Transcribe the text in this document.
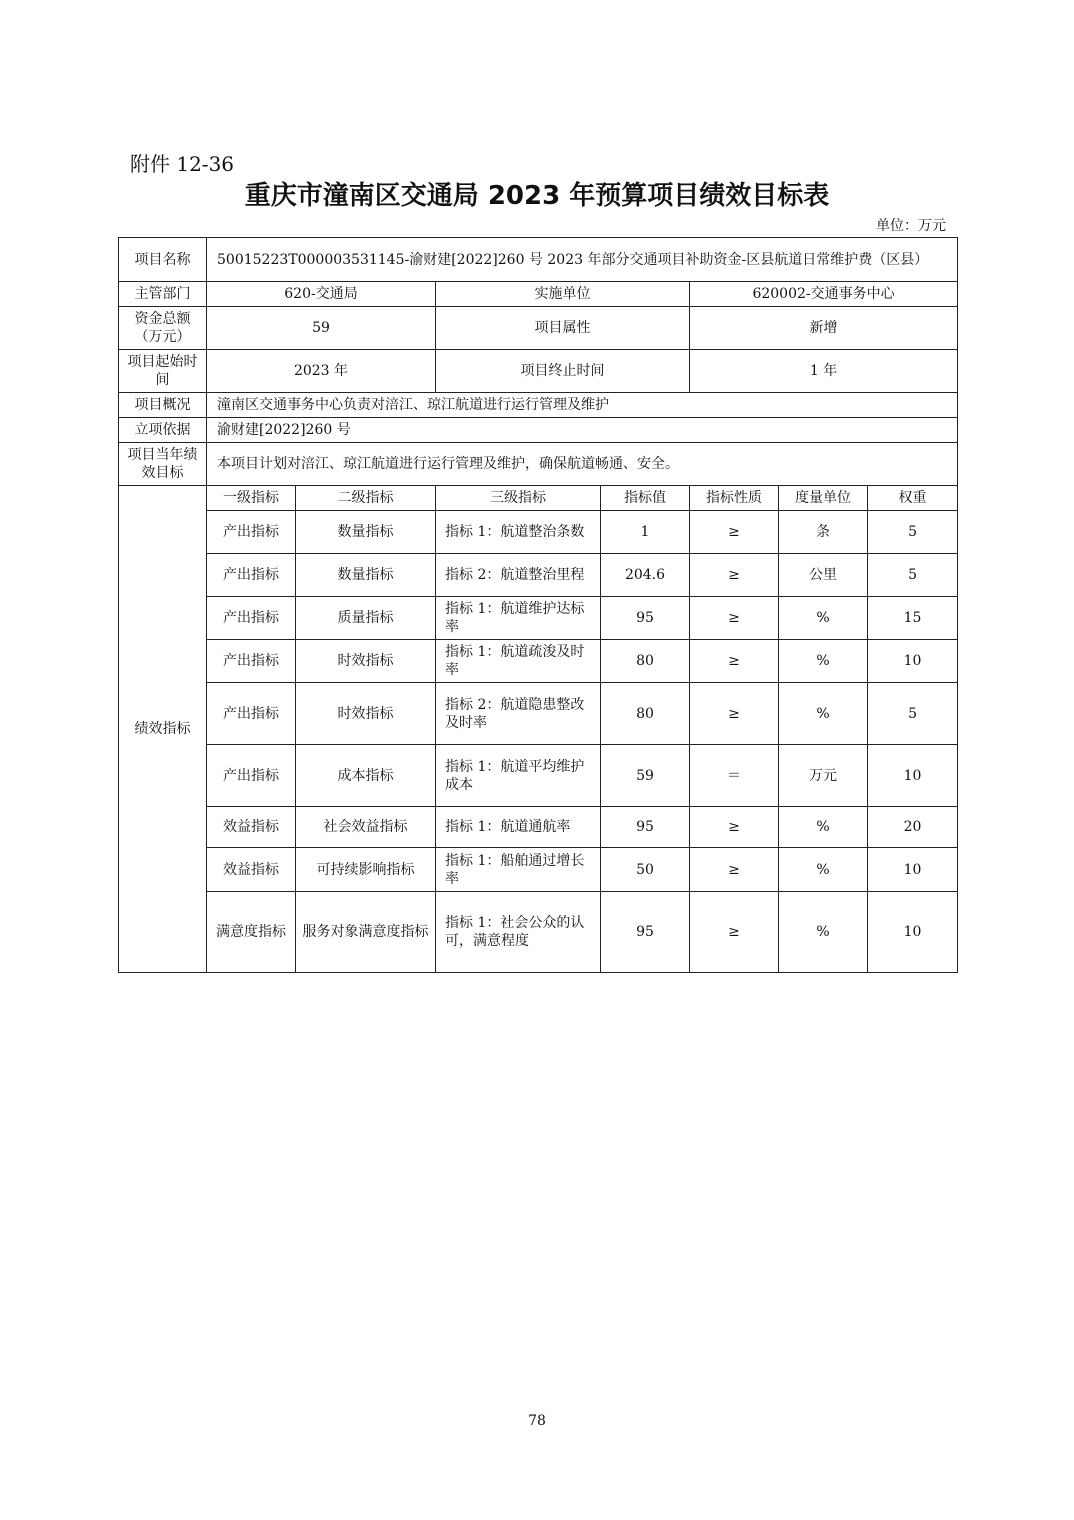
附件 12-36
重庆市潼南区交通局 2023 年预算项目绩效目标表
单位：万元
项目名称	50015223T000003531145-渝财建[2022]260 号 2023 年部分交通项目补助资金-区县航道日常维护费（区县）						
主管部门	620-交通局		实施单位		620002-交通事务中心		
资金总额（万元）	59		项目属性		新增		
项目起始时间	2023 年		项目终止时间		1 年		
项目概况	潼南区交通事务中心负责对涪江、琼江航道进行运行管理及维护						
立项依据	渝财建[2022]260 号						
项目当年绩效目标	本项目计划对涪江、琼江航道进行运行管理及维护，确保航道畅通、安全。						
绩效指标	一级指标	二级指标	三级指标	指标值	指标性质	度量单位	权重
	产出指标	数量指标	指标 1：航道整治条数	1	≥	条	5
	产出指标	数量指标	指标 2：航道整治里程	204.6	≥	公里	5
	产出指标	质量指标	指标 1：航道维护达标率	95	≥	%	15
	产出指标	时效指标	指标 1：航道疏浚及时率	80	≥	%	10
	产出指标	时效指标	指标 2：航道隐患整改及时率	80	≥	%	5
	产出指标	成本指标	指标 1：航道平均维护成本	59	＝	万元	10
	效益指标	社会效益指标	指标 1：航道通航率	95	≥	%	20
	效益指标	可持续影响指标	指标 1：船舶通过增长率	50	≥	%	10
	满意度指标	服务对象满意度指标	指标 1：社会公众的认可，满意程度	95	≥	%	10
78
